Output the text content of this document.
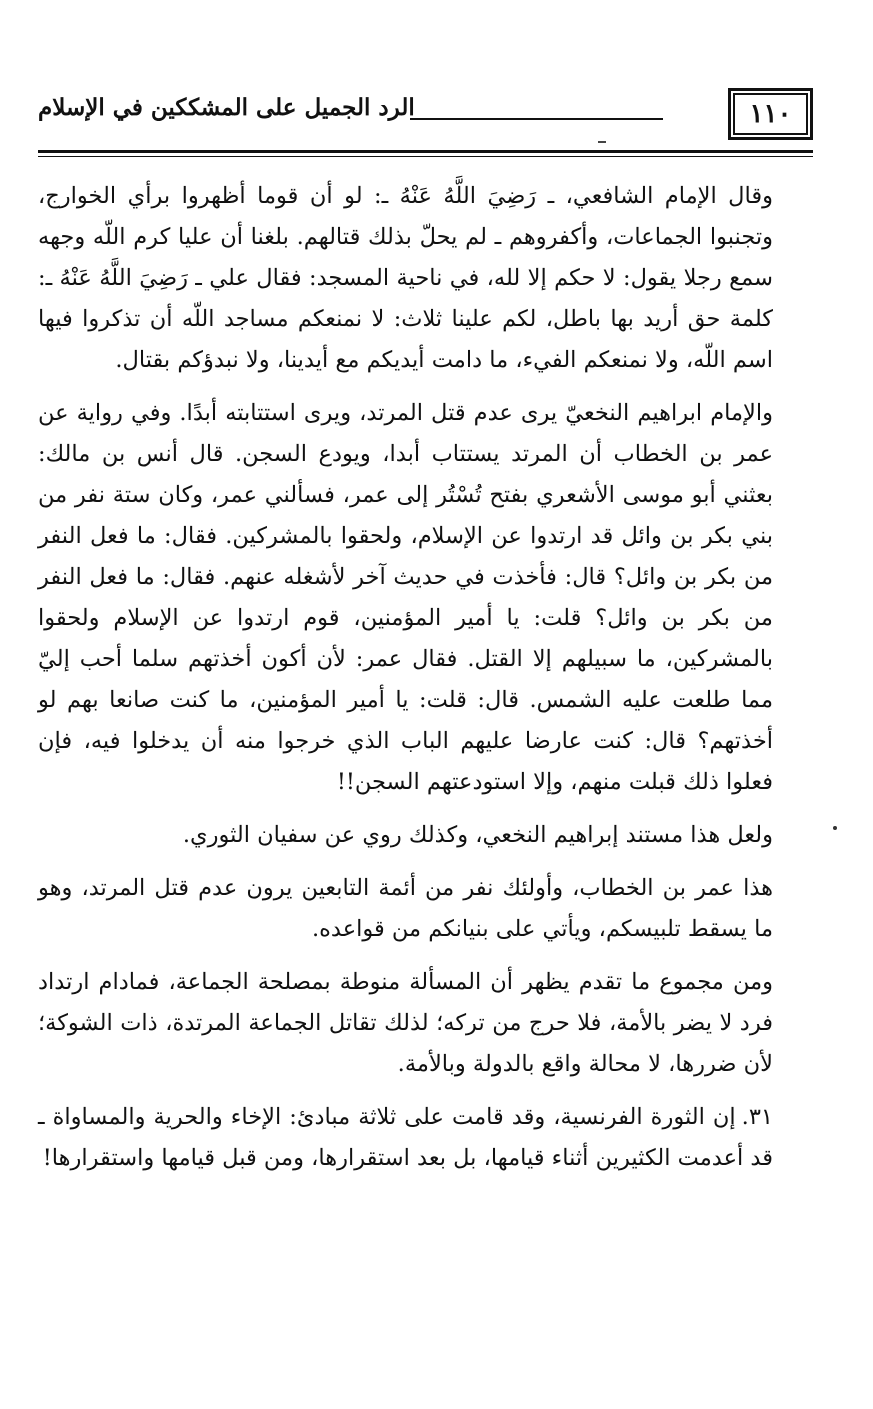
١١٠
الرد الجميل على المشككين في الإسلام

وقال الإمام الشافعي، ـ رَضِيَ اللَّهُ عَنْهُ ـ: لو أن قوما أظهروا برأي الخوارج، وتجنبوا الجماعات، وأكفروهم ـ لم يحلّ بذلك قتالهم. بلغنا أن عليا كرم اللّه وجهه سمع رجلا يقول: لا حكم إلا لله، في ناحية المسجد: فقال علي ـ رَضِيَ اللَّهُ عَنْهُ ـ: كلمة حق أريد بها باطل، لكم علينا ثلاث: لا نمنعكم مساجد اللّه أن تذكروا فيها اسم اللّه، ولا نمنعكم الفيء، ما دامت أيديكم مع أيدينا، ولا نبدؤكم بقتال.

والإمام ابراهيم النخعيّ يرى عدم قتل المرتد، ويرى استتابته أبدًا. وفي رواية عن عمر بن الخطاب أن المرتد يستتاب أبدا، ويودع السجن. قال أنس بن مالك: بعثني أبو موسى الأشعري بفتح تُسْتُر إلى عمر، فسألني عمر، وكان ستة نفر من بني بكر بن وائل قد ارتدوا عن الإسلام، ولحقوا بالمشركين. فقال: ما فعل النفر من بكر بن وائل؟ قال: فأخذت في حديث آخر لأشغله عنهم. فقال: ما فعل النفر من بكر بن وائل؟ قلت: يا أمير المؤمنين، قوم ارتدوا عن الإسلام ولحقوا بالمشركين، ما سبيلهم إلا القتل. فقال عمر: لأن أكون أخذتهم سلما أحب إليّ مما طلعت عليه الشمس. قال: قلت: يا أمير المؤمنين، ما كنت صانعا بهم لو أخذتهم؟ قال: كنت عارضا عليهم الباب الذي خرجوا منه أن يدخلوا فيه، فإن فعلوا ذلك قبلت منهم، وإلا استودعتهم السجن!!

ولعل هذا مستند إبراهيم النخعي، وكذلك روي عن سفيان الثوري.

هذا عمر بن الخطاب، وأولئك نفر من أئمة التابعين يرون عدم قتل المرتد، وهو ما يسقط تلبيسكم، ويأتي على بنيانكم من قواعده.

ومن مجموع ما تقدم يظهر أن المسألة منوطة بمصلحة الجماعة، فمادام ارتداد فرد لا يضر بالأمة، فلا حرج من تركه؛ لذلك تقاتل الجماعة المرتدة، ذات الشوكة؛ لأن ضررها، لا محالة واقع بالدولة وبالأمة.

٣١.إن الثورة الفرنسية، وقد قامت على ثلاثة مبادئ: الإخاء والحرية والمساواة ـ قد أعدمت الكثيرين أثناء قيامها، بل بعد استقرارها، ومن قبل قيامها واستقرارها!
